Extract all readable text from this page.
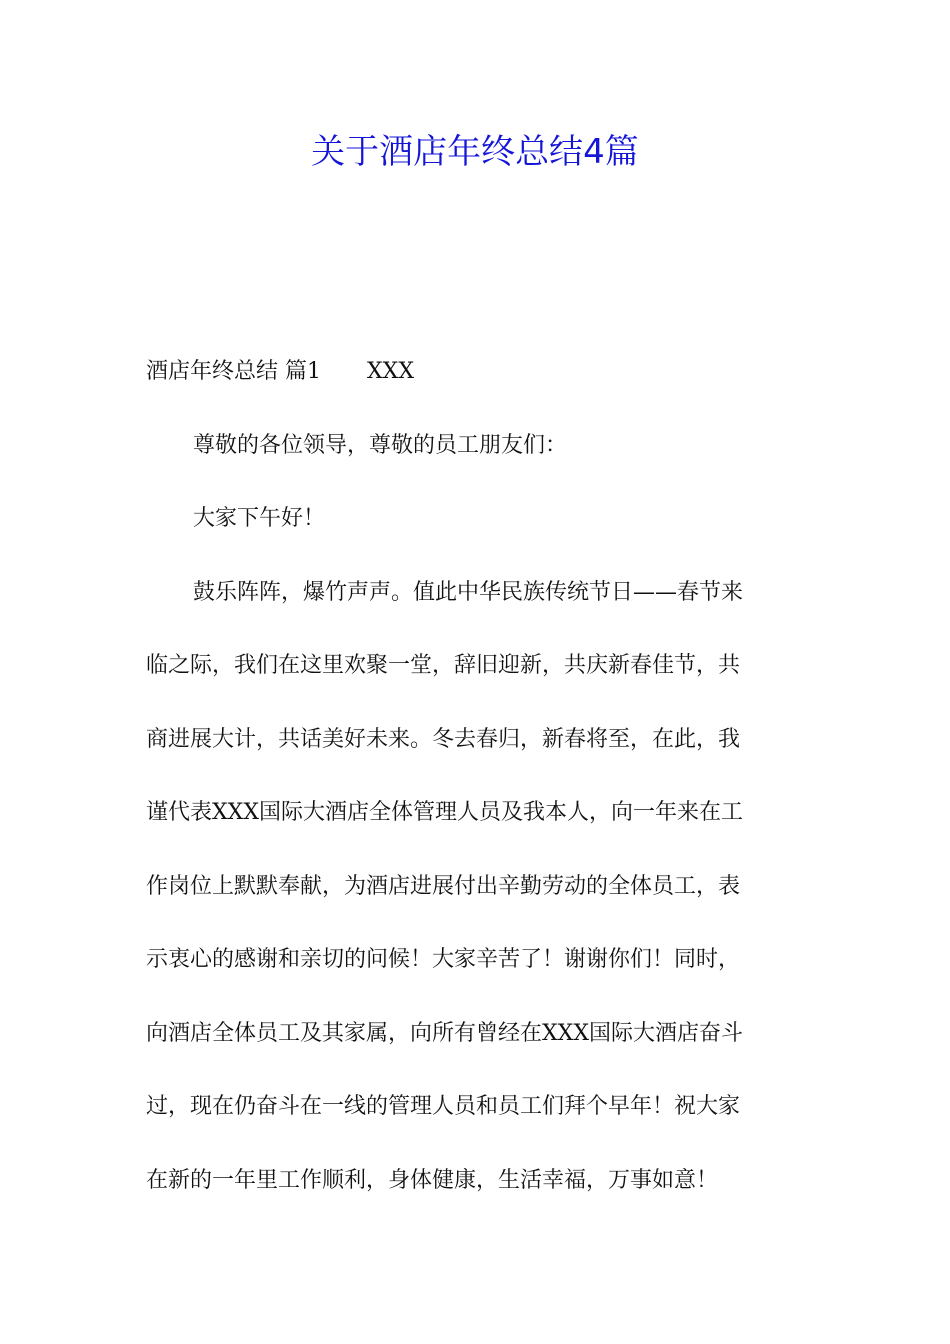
关于酒店年终总结4篇
酒店年终总结 篇1 XXX
尊敬的各位领导，尊敬的员工朋友们：
大家下午好！
鼓乐阵阵，爆竹声声。值此中华民族传统节日——春节来
临之际，我们在这里欢聚一堂，辞旧迎新，共庆新春佳节，共
商进展大计，共话美好未来。冬去春归，新春将至，在此，我
谨代表XXX国际大酒店全体管理人员及我本人，向一年来在工
作岗位上默默奉献，为酒店进展付出辛勤劳动的全体员工，表
示衷心的感谢和亲切的问候！大家辛苦了！谢谢你们！同时，
向酒店全体员工及其家属，向所有曾经在XXX国际大酒店奋斗
过，现在仍奋斗在一线的管理人员和员工们拜个早年！祝大家
在新的一年里工作顺利，身体健康，生活幸福，万事如意！
